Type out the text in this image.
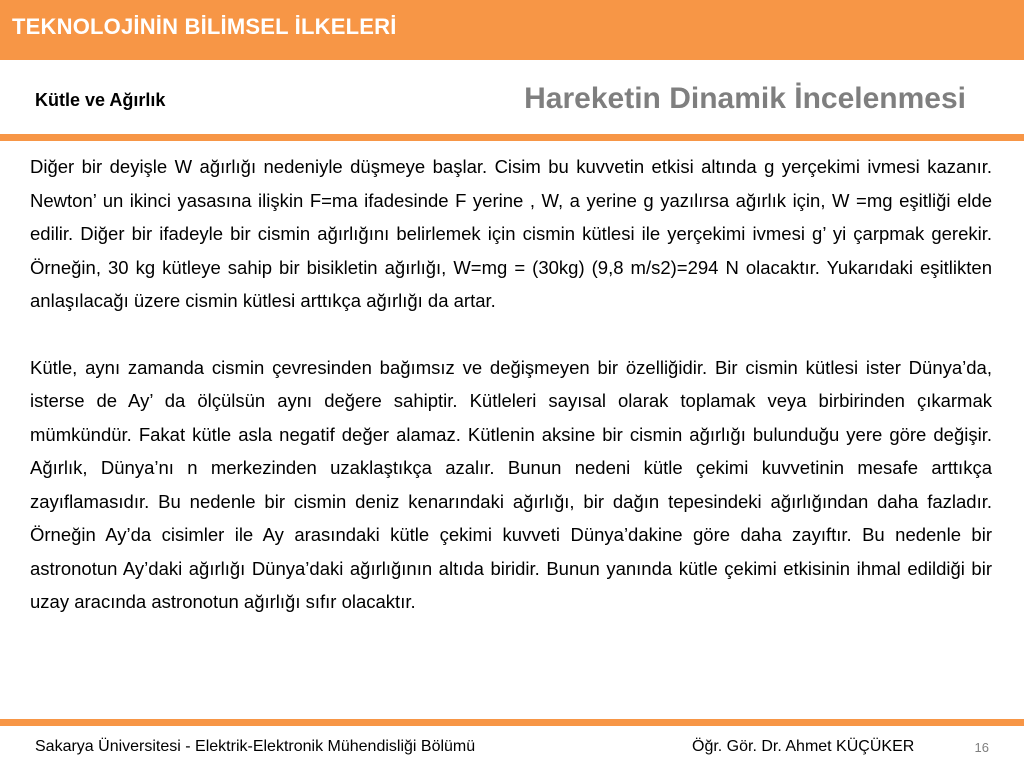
TEKNOLOJİNİN BİLİMSEL İLKELERİ
Kütle ve Ağırlık	Hareketin Dinamik İncelenmesi

Diğer bir deyişle W ağırlığı nedeniyle düşmeye başlar. Cisim bu kuvvetin etkisi altında g yerçekimi ivmesi kazanır. Newton’ un ikinci yasasına ilişkin F=ma ifadesinde F yerine , W, a yerine g yazılırsa ağırlık için, W =mg eşitliği elde edilir. Diğer bir ifadeyle bir cismin ağırlığını belirlemek için cismin kütlesi ile yerçekimi ivmesi g’ yi çarpmak gerekir. Örneğin, 30 kg kütleye sahip bir bisikletin ağırlığı, W=mg = (30kg) (9,8 m/s2)=294 N olacaktır. Yukarıdaki eşitlikten anlaşılacağı üzere cismin kütlesi arttıkça ağırlığı da artar.

Kütle, aynı zamanda cismin çevresinden bağımsız ve değişmeyen bir özelliğidir. Bir cismin kütlesi ister Dünya’da, isterse de Ay’ da ölçülsün aynı değere sahiptir. Kütleleri sayısal olarak toplamak veya birbirinden çıkarmak mümkündür. Fakat kütle asla negatif değer alamaz. Kütlenin aksine bir cismin ağırlığı bulunduğu yere göre değişir. Ağırlık, Dünya’nı n merkezinden uzaklaştıkça azalır. Bunun nedeni kütle çekimi kuvvetinin mesafe arttıkça zayıflamasıdır. Bu nedenle bir cismin deniz kenarındaki ağırlığı, bir dağın tepesindeki ağırlığından daha fazladır. Örneğin Ay’da cisimler ile Ay arasındaki kütle çekimi kuvveti Dünya’dakine göre daha zayıftır. Bu nedenle bir astronotun Ay’daki ağırlığı Dünya’daki ağırlığının altıda biridir. Bunun yanında kütle çekimi etkisinin ihmal edildiği bir uzay aracında astronotun ağırlığı sıfır olacaktır.

Sakarya Üniversitesi - Elektrik-Elektronik Mühendisliği Bölümü	Öğr. Gör. Dr. Ahmet KÜÇÜKER	16
